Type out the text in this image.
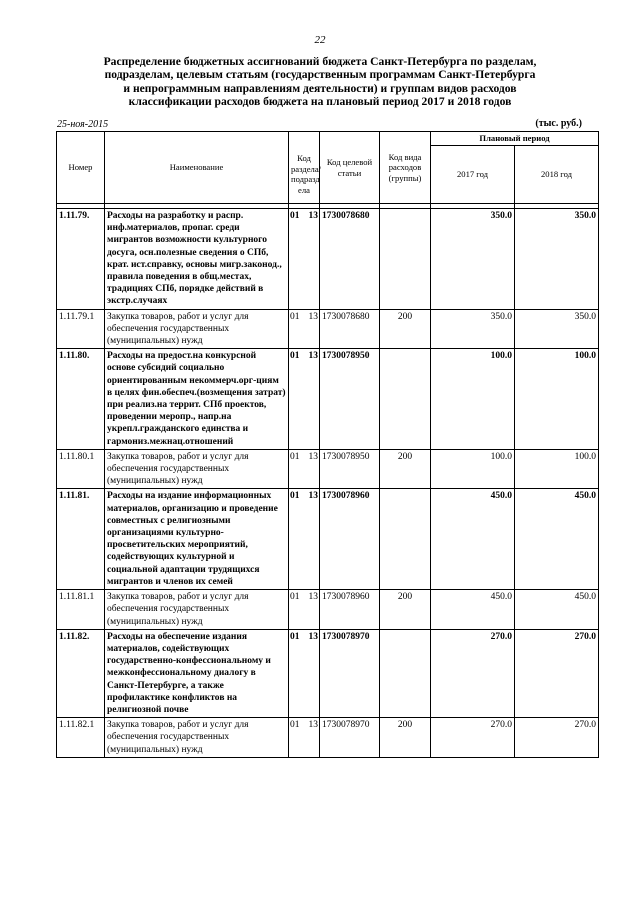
22
Распределение бюджетных ассигнований бюджета Санкт-Петербурга по разделам,
подразделам, целевым статьям (государственным программам Санкт-Петербурга
и непрограммным направлениям деятельности) и группам видов расходов
классификации расходов бюджета на плановый период 2017 и 2018 годов
25-ноя-2015	(тыс. руб.)
Номер	Наименование	Код раздела/ подразд ела		Код целевой статьи	Код вида расходов (группы)	Плановый период	
						2017 год	2018 год

1.11.79.	Расходы на разработку и распр. инф.материалов, пропаг. среди мигрантов возможности культурного досуга, осн.полезные сведения о СПб, крат. ист.справку, основы мигр.законод., правила поведения в общ.местах, традициях СПб, порядке действий в экстр.случаях	01	13	1730078680		350.0	350.0
1.11.79.1	Закупка товаров, работ и услуг для обеспечения государственных (муниципальных) нужд	01	13	1730078680	200	350.0	350.0
1.11.80.	Расходы на предост.на конкурсной основе субсидий социально ориентированным некоммерч.орг-циям в целях фин.обеспеч.(возмещения затрат) при реализ.на террит. СПб проектов, проведении меропр., напр.на укрепл.гражданского единства и гармониз.межнац.отношений	01	13	1730078950		100.0	100.0
1.11.80.1	Закупка товаров, работ и услуг для обеспечения государственных (муниципальных) нужд	01	13	1730078950	200	100.0	100.0
1.11.81.	Расходы на издание информационных материалов, организацию и проведение совместных с религиозными организациями культурно-просветительских мероприятий, содействующих культурной и социальной адаптации трудящихся мигрантов и членов их семей	01	13	1730078960		450.0	450.0
1.11.81.1	Закупка товаров, работ и услуг для обеспечения государственных (муниципальных) нужд	01	13	1730078960	200	450.0	450.0
1.11.82.	Расходы на обеспечение издания материалов, содействующих государственно-конфессиональному и межконфессиональному диалогу в Санкт-Петербурге, а также профилактике конфликтов на религиозной почве	01	13	1730078970		270.0	270.0
1.11.82.1	Закупка товаров, работ и услуг для обеспечения государственных (муниципальных) нужд	01	13	1730078970	200	270.0	270.0
